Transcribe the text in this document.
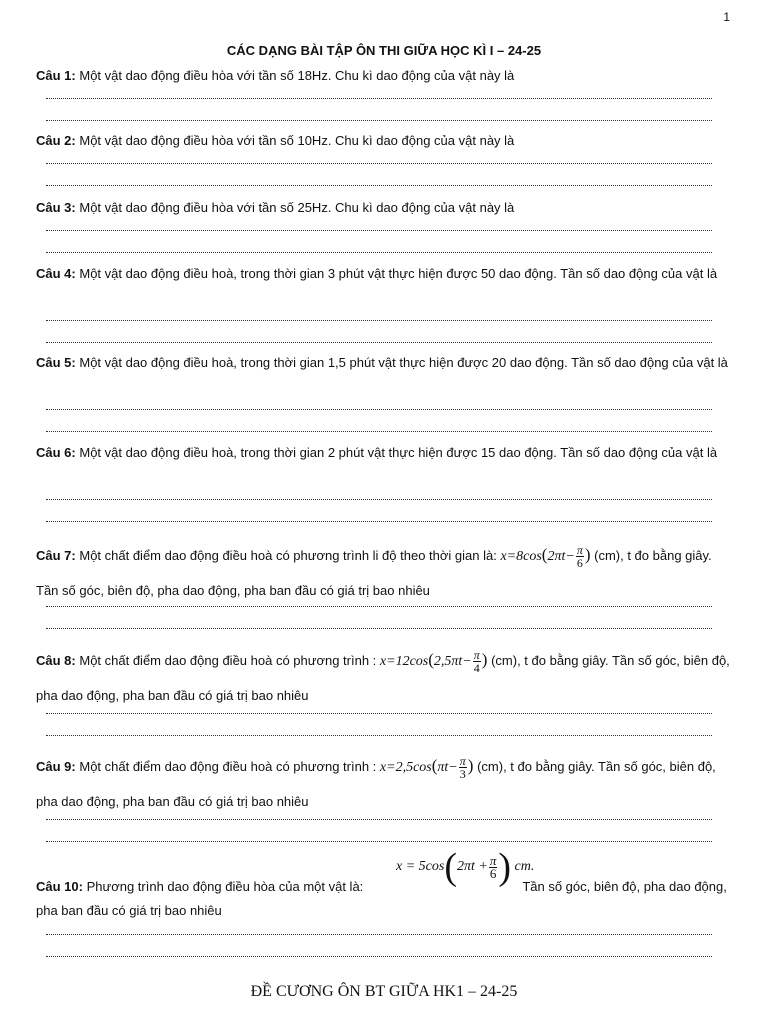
1
CÁC DẠNG BÀI TẬP ÔN THI GIỮA HỌC KÌ I – 24-25
Câu 1: Một vật dao động điều hòa với tần số 18Hz. Chu kì dao động của vật này là
Câu 2: Một vật dao động điều hòa với tần số 10Hz. Chu kì dao động của vật này là
Câu 3: Một vật dao động điều hòa với tần số 25Hz. Chu kì dao động của vật này là
Câu 4: Một vật dao động điều hoà, trong thời gian 3 phút vật thực hiện được 50 dao động. Tần số dao động của vật là
Câu 5: Một vật dao động điều hoà, trong thời gian 1,5 phút vật thực hiện được 20 dao động. Tần số dao động của vật là
Câu 6: Một vật dao động điều hoà, trong thời gian 2 phút vật thực hiện được 15 dao động. Tần số dao động của vật là
Câu 7: Một chất điểm dao động điều hoà có phương trình li độ theo thời gian là: $x=8\cos(2\pi t- \frac{\pi}{6}$ ) (cm), t đo bằng giây. Tần số góc, biên độ, pha dao động, pha ban đầu có giá trị bao nhiêu
Câu 8: Một chất điểm dao động điều hoà có phương trình : $x=12\cos(2,5\pi t- \frac{\pi}{4}$ ) (cm), t đo bằng giây. Tần số góc, biên độ, pha dao động, pha ban đầu có giá trị bao nhiêu
Câu 9: Một chất điểm dao động điều hoà có phương trình : $x=2,5\cos(\pi t- \frac{\pi}{3}$ ) (cm), t đo bằng giây. Tần số góc, biên độ, pha dao động, pha ban đầu có giá trị bao nhiêu
$x = 5\cos(2\pi t + \frac{\pi}{6}$ ) cm.
Câu 10: Phương trình dao động điều hòa của một vật là:	Tần số góc, biên độ, pha dao động, pha ban đầu có giá trị bao nhiêu
ĐỀ CƯƠNG ÔN BT GIỮA HK1 – 24-25
